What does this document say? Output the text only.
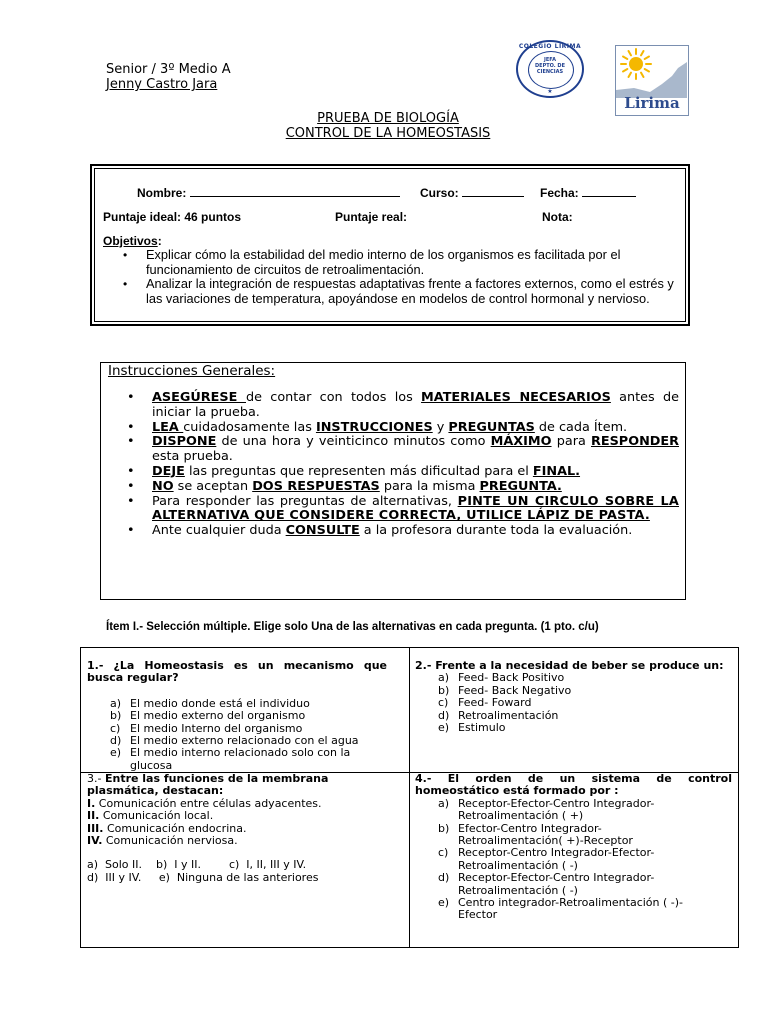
Senior / 3º Medio A
Jenny Castro Jara
COLEGIO LIRIMA
JEFA
DEPTO. DE
CIENCIAS
★
Lirima
PRUEBA DE BIOLOGÍA
CONTROL DE LA HOMEOSTASIS
Nombre:	Curso:	Fecha:
Puntaje ideal: 46 puntos	Puntaje real:	Nota:
Objetivos:
• Explicar cómo la estabilidad del medio interno de los organismos es facilitada por el funcionamiento de circuitos de retroalimentación.
• Analizar la integración de respuestas adaptativas frente a factores externos, como el estrés y las variaciones de temperatura, apoyándose en modelos de control hormonal y nervioso.
Instrucciones Generales:
• ASEGÚRESE de contar con todos los MATERIALES NECESARIOS antes de iniciar la prueba.
• LEA cuidadosamente las INSTRUCCIONES y PREGUNTAS de cada Ítem.
• DISPONE de una hora y veinticinco minutos como MÁXIMO para RESPONDER esta prueba.
• DEJE las preguntas que representen más dificultad para el FINAL.
• NO se aceptan DOS RESPUESTAS para la misma PREGUNTA.
• Para responder las preguntas de alternativas, PINTE UN CIRCULO SOBRE LA ALTERNATIVA QUE CONSIDERE CORRECTA, UTILICE LÁPIZ DE PASTA.
• Ante cualquier duda CONSULTE a la profesora durante toda la evaluación.
Ítem I.- Selección múltiple. Elige solo Una de las alternativas en cada pregunta. (1 pto. c/u)
1.- ¿La Homeostasis es un mecanismo que busca regular?
a) El medio donde está el individuo
b) El medio externo del organismo
c) El medio Interno del organismo
d) El medio externo relacionado con el agua
e) El medio interno relacionado solo con la glucosa
2.- Frente a la necesidad de beber se produce un:
a) Feed- Back Positivo
b) Feed- Back Negativo
c) Feed- Foward
d) Retroalimentación
e) Estimulo
3.- Entre las funciones de la membrana plasmática, destacan:
I. Comunicación entre células adyacentes.
II. Comunicación local.
III. Comunicación endocrina.
IV. Comunicación nerviosa.
a)  Solo II.    b)  I y II.        c)  I, II, III y IV.
d)  III y IV.     e)  Ninguna de las anteriores
4.- El orden de un sistema de control homeostático está formado por :
a) Receptor-Efector-Centro Integrador-Retroalimentación ( +)
b) Efector-Centro Integrador-Retroalimentación( +)-Receptor
c) Receptor-Centro Integrador-Efector-Retroalimentación ( -)
d) Receptor-Efector-Centro Integrador-Retroalimentación ( -)
e) Centro integrador-Retroalimentación ( -)-Efector
